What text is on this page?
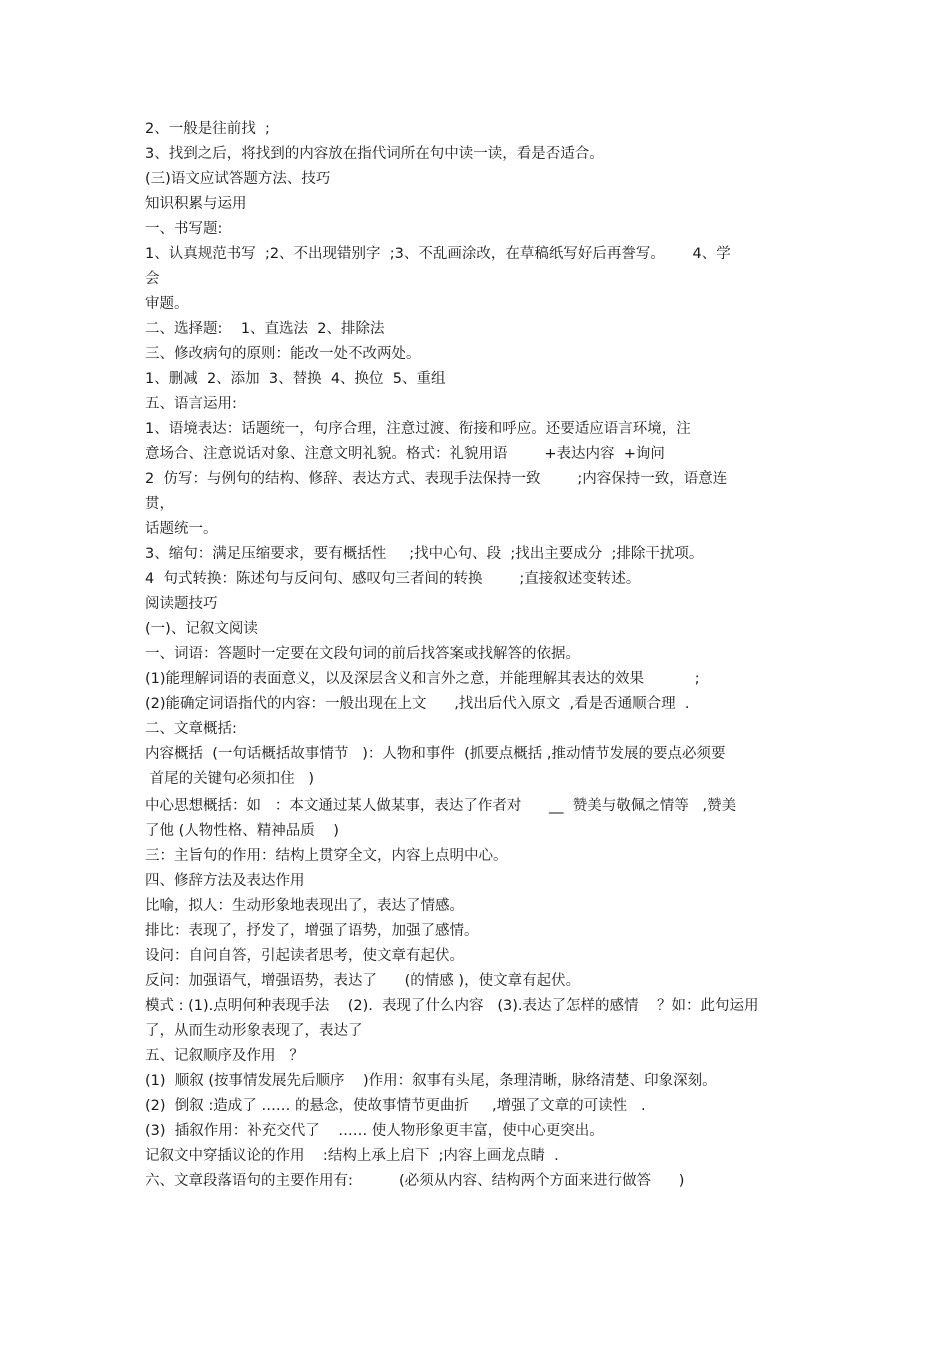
2、一般是往前找  ;
3、找到之后，将找到的内容放在指代词所在句中读一读，看是否适合。
(三)语文应试答题方法、技巧
知识积累与运用
一、书写题:
1、认真规范书写  ;2、不出现错别字  ;3、不乱画涂改，在草稿纸写好后再誊写。      4、学
会
审题。
二、选择题:    1、直选法  2、排除法
三、修改病句的原则：能改一处不改两处。
1、删减  2、添加  3、替换  4、换位  5、重组
五、语言运用:
1、语境表达：话题统一，句序合理，注意过渡、衔接和呼应。还要适应语言环境，注
意场合、注意说话对象、注意文明礼貌。格式：礼貌用语        +表达内容  +询问
2  仿写：与例句的结构、修辞、表达方式、表现手法保持一致        ;内容保持一致，语意连
贯，
话题统一。
3、缩句：满足压缩要求，要有概括性     ;找中心句、段  ;找出主要成分  ;排除干扰项。
4  句式转换：陈述句与反问句、感叹句三者间的转换        ;直接叙述变转述。
阅读题技巧
(一)、记叙文阅读
一、词语：答题时一定要在文段句词的前后找答案或找解答的依据。
(1)能理解词语的表面意义，以及深层含义和言外之意，并能理解其表达的效果           ;
(2)能确定词语指代的内容：一般出现在上文      ,找出后代入原文  ,看是否通顺合理  .
二、文章概括:
内容概括  (一句话概括故事情节   )：人物和事件  (抓要点概括 ,推动情节发展的要点必须要
首尾的关键句必须扣住   )
中心思想概括：如   ：本文通过某人做某事，表达了作者对      __  赞美与敬佩之情等   ,赞美
了他 (人物性格、精神品质    )
三：主旨句的作用：结构上贯穿全文，内容上点明中心。
四、修辞方法及表达作用
比喻，拟人：生动形象地表现出了，表达了情感。
排比：表现了，抒发了，增强了语势，加强了感情。
设问：自问自答，引起读者思考，使文章有起伏。
反问：加强语气，增强语势，表达了      (的情感 )，使文章有起伏。
模式 : (1).点明何种表现手法    (2).  表现了什么内容   (3).表达了怎样的感情    ？如：此句运用
了，从而生动形象表现了，表达了
五、记叙顺序及作用   ？
(1)  顺叙 (按事情发展先后顺序    )作用：叙事有头尾，条理清晰，脉络清楚、印象深刻。
(2)  倒叙 :造成了 …… 的悬念，使故事情节更曲折     ,增强了文章的可读性   .
(3)  插叙作用：补充交代了    …… 使人物形象更丰富，使中心更突出。
记叙文中穿插议论的作用    :结构上承上启下  ;内容上画龙点睛  .
六、文章段落语句的主要作用有:          (必须从内容、结构两个方面来进行做答      )
